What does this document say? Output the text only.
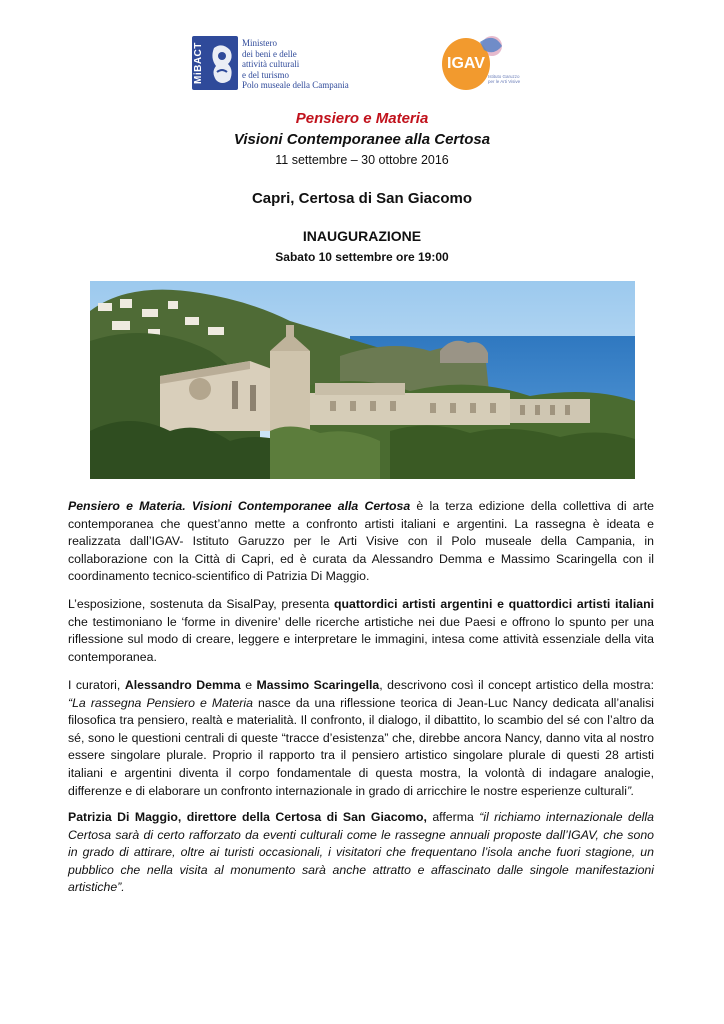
MiBACT	Ministero
dei beni e delle
attività culturali
e del turismo
Polo museale della Campania
IGAV
Istituto Garuzzo
per le Arti Visive
Pensiero e Materia
Visioni Contemporanee alla Certosa
11 settembre – 30 ottobre 2016
Capri, Certosa di San Giacomo
INAUGURAZIONE
Sabato 10 settembre ore 19:00
Pensiero e Materia. Visioni Contemporanee alla Certosa è la terza edizione della collettiva di arte contemporanea che quest’anno mette a confronto artisti italiani e argentini. La rassegna è ideata e realizzata dall’IGAV- Istituto Garuzzo per le Arti Visive con il Polo museale della Campania, in collaborazione con la Città di Capri, ed è curata da Alessandro Demma e Massimo Scaringella con il coordinamento tecnico-scientifico di Patrizia Di Maggio.
L’esposizione, sostenuta da SisalPay, presenta quattordici artisti argentini e quattordici artisti italiani che testimoniano le ‘forme in divenire’ delle ricerche artistiche nei due Paesi e offrono lo spunto per una riflessione sul modo di creare, leggere e interpretare le immagini, intesa come attività essenziale della vita contemporanea.
I curatori, Alessandro Demma e Massimo Scaringella, descrivono così il concept artistico della mostra: “La rassegna Pensiero e Materia nasce da una riflessione teorica di Jean-Luc Nancy dedicata all’analisi filosofica tra pensiero, realtà e materialità. Il confronto, il dialogo, il dibattito, lo scambio del sé con l’altro da sé, sono le questioni centrali di queste “tracce d’esistenza” che, direbbe ancora Nancy, danno vita al nostro essere singolare plurale. Proprio il rapporto tra il pensiero artistico singolare plurale di questi 28 artisti italiani e argentini diventa il corpo fondamentale di questa mostra, la volontà di indagare analogie, differenze e di elaborare un confronto internazionale in grado di arricchire le nostre esperienze culturali”.
Patrizia Di Maggio, direttore della Certosa di San Giacomo, afferma “il richiamo internazionale della Certosa sarà di certo rafforzato da eventi culturali come le rassegne annuali proposte dall’IGAV, che sono in grado di attirare, oltre ai turisti occasionali, i visitatori che frequentano l’isola anche fuori stagione, un pubblico che nella visita al monumento sarà anche attratto e affascinato dalle singole manifestazioni artistiche”.
